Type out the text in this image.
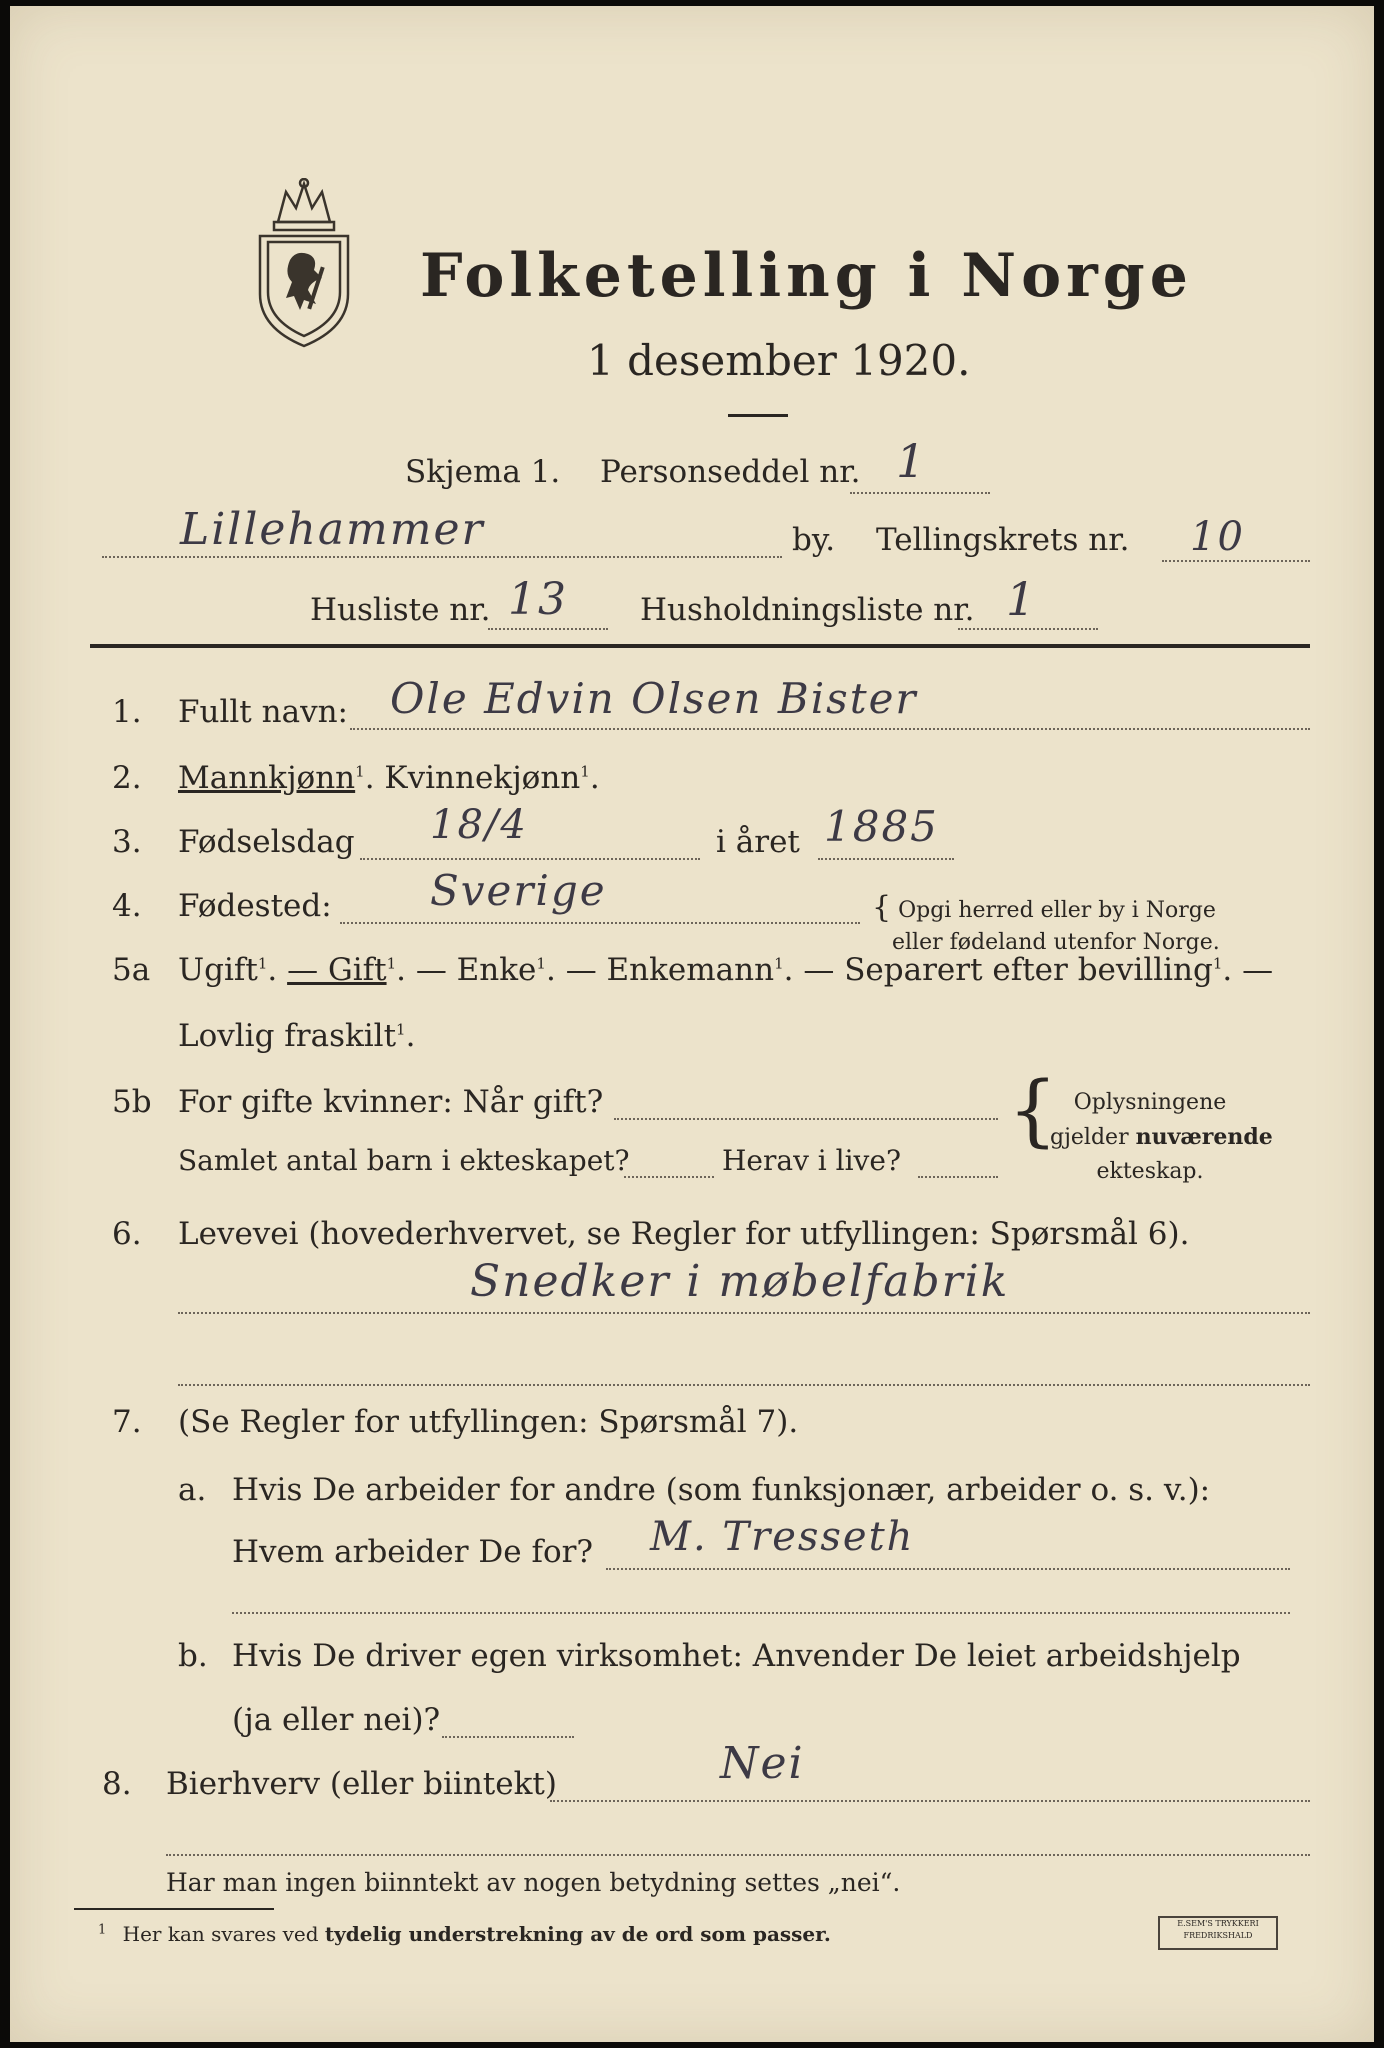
Folketelling i Norge
1 desember 1920.
Skjema 1. Personseddel nr. 1
Lillehammer	by. Tellingskrets nr. 10
Husliste nr. 13 Husholdningsliste nr. 1
1. Fullt navn: Ole Edvin Olsen Bister
2. Mannkjønn$^1$. Kvinnekjønn$^1$.
3. Fødselsdag 18/4	i året 1885
4. Fødested: Sverige	{ Opgi herred eller by i Norge
eller fødeland utenfor Norge.
5a Ugift$^1$. — Gift$^1$. — Enke$^1$. — Enkemann$^1$. — Separert efter bevilling$^1$. —
Lovlig fraskilt$^1$.
5b For gifte kvinner: Når gift?
Samlet antal barn i ekteskapet?	Herav i live?
{ Oplysningene
gjelder nuværende
ekteskap.
6. Levevei (hovederhvervet, se Regler for utfyllingen: Spørsmål 6).
Snedker i møbelfabrik
7. (Se Regler for utfyllingen: Spørsmål 7).
a. Hvis De arbeider for andre (som funksjonær, arbeider o. s. v.):
Hvem arbeider De for? M. Tresseth
b. Hvis De driver egen virksomhet: Anvender De leiet arbeidshjelp
(ja eller nei)?
8. Bierhverv (eller biintekt)	Nei
Har man ingen biinntekt av nogen betydning settes „nei“.
$^1$ Her kan svares ved tydelig understrekning av de ord som passer.	E.SEM'S TRYKKERI
FREDRIKSHALD
